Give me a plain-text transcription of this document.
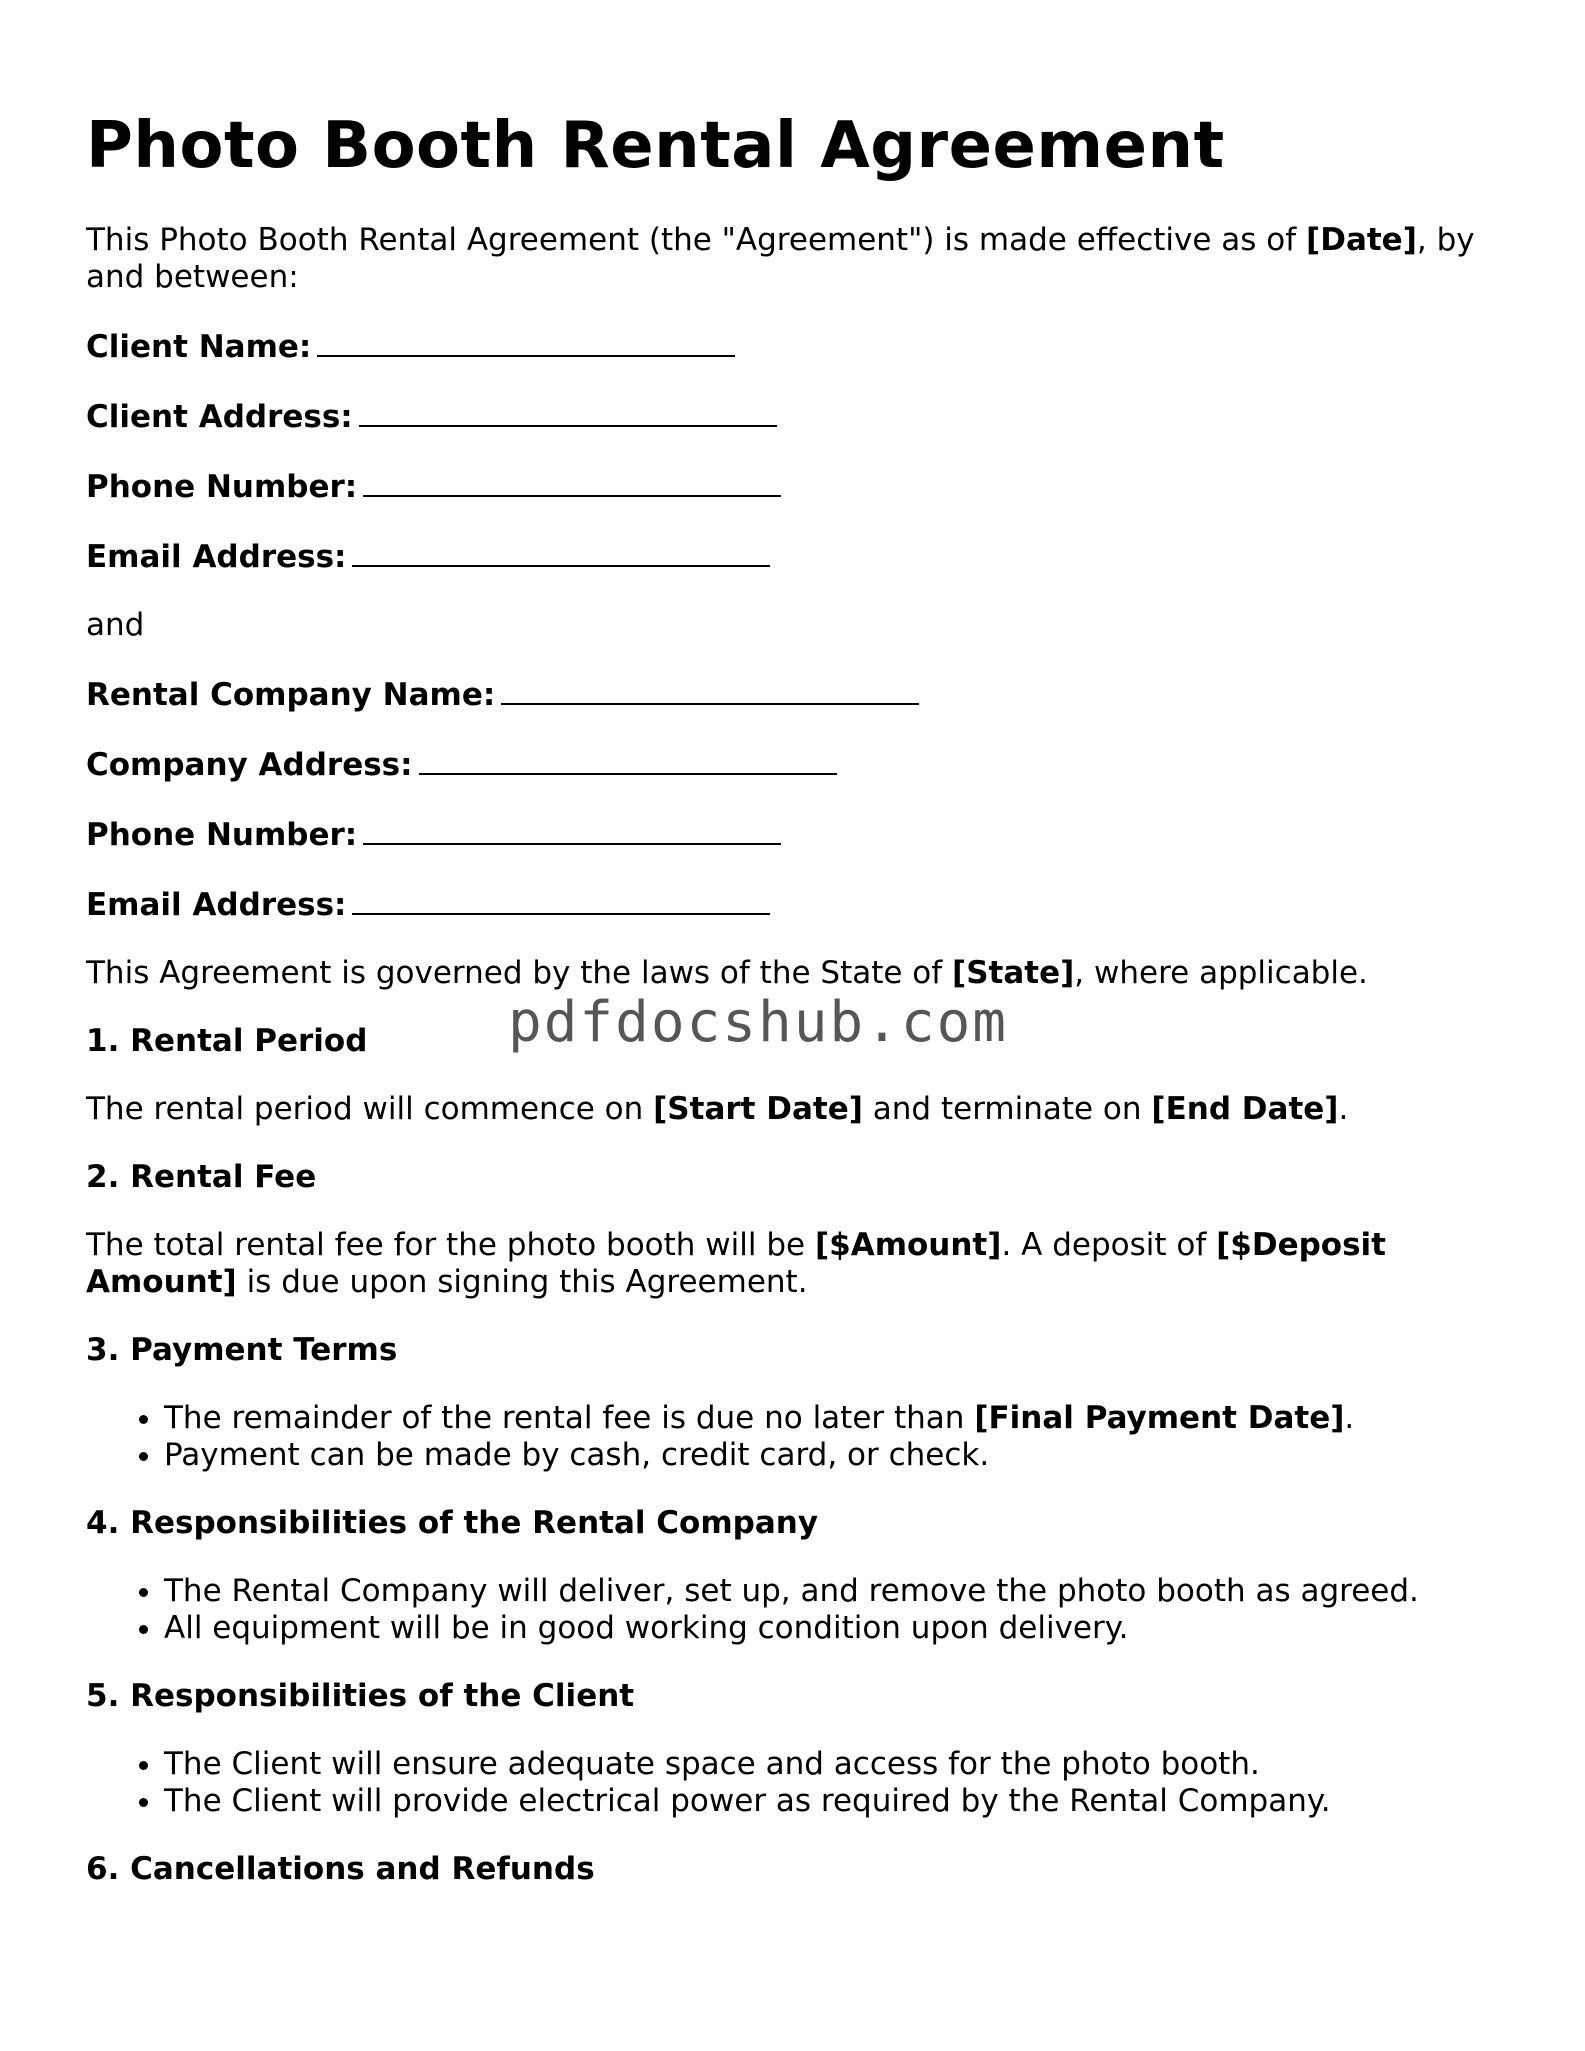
Photo Booth Rental Agreement

This Photo Booth Rental Agreement (the "Agreement") is made effective as of [Date], by and between:

Client Name:

Client Address:

Phone Number:

Email Address:

and

Rental Company Name:

Company Address:

Phone Number:

Email Address:

This Agreement is governed by the laws of the State of [State], where applicable.

1. Rental Period

The rental period will commence on [Start Date] and terminate on [End Date].

2. Rental Fee

The total rental fee for the photo booth will be [$Amount]. A deposit of [$Deposit Amount] is due upon signing this Agreement.

3. Payment Terms
• The remainder of the rental fee is due no later than [Final Payment Date].
• Payment can be made by cash, credit card, or check.
4. Responsibilities of the Rental Company
• The Rental Company will deliver, set up, and remove the photo booth as agreed.
• All equipment will be in good working condition upon delivery.
5. Responsibilities of the Client
• The Client will ensure adequate space and access for the photo booth.
• The Client will provide electrical power as required by the Rental Company.
6. Cancellations and Refunds
pdfdocshub.com
